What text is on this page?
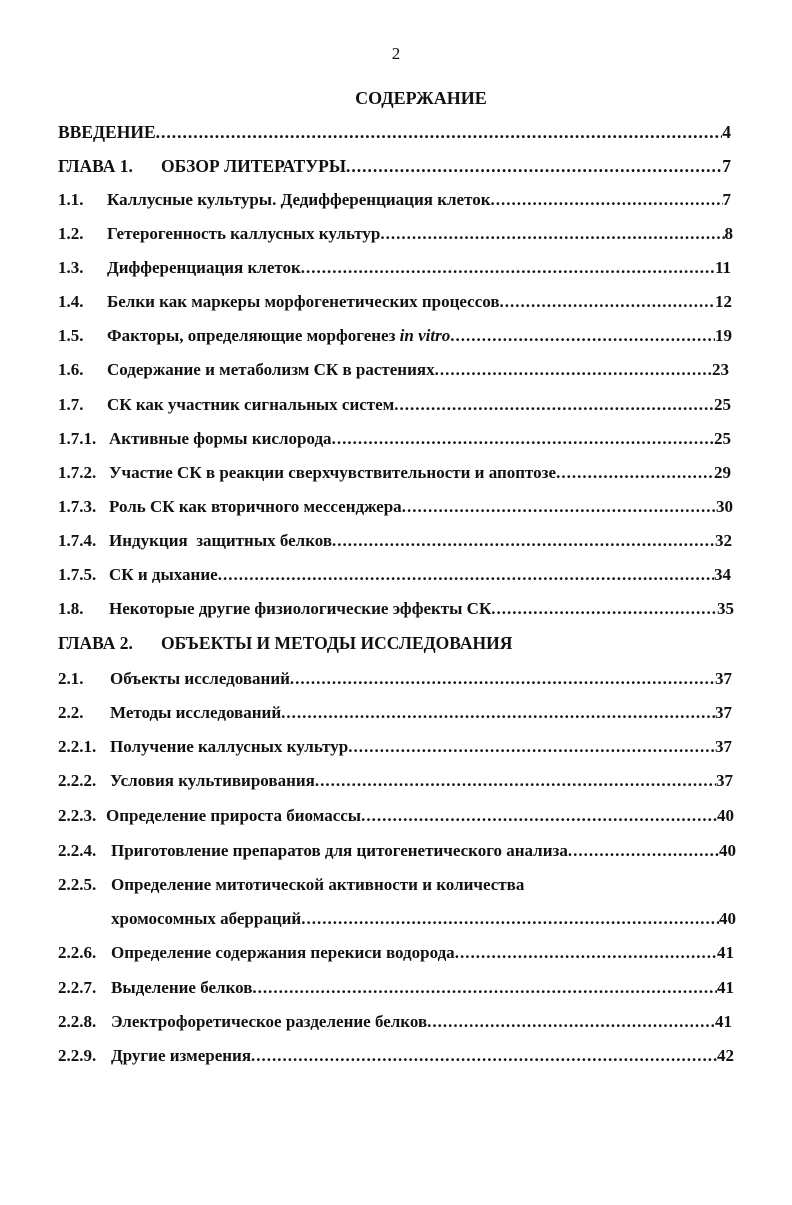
2
СОДЕРЖАНИЕ
ВВЕДЕНИЕ .....	4
ГЛАВА 1.	ОБЗОР ЛИТЕРАТУРЫ .....	7
1.1.	Каллусные культуры. Дедифференциация клеток .....	7
1.2.	Гетерогенность каллусных культур .....	8
1.3.	Дифференциация клеток .....	11
1.4.	Белки как маркеры морфогенетических процессов .....	12
1.5.	Факторы, определяющие морфогенез in vitro .....	19
1.6.	Содержание и метаболизм СК в растениях .....	23
1.7.	СК как участник сигнальных систем .....	25
1.7.1. Активные формы кислорода .....	25
1.7.2. Участие СК в реакции сверхчувствительности и апоптозе .....	29
1.7.3. Роль СК как вторичного мессенджера .....	30
1.7.4. Индукция  защитных белков .....	32
1.7.5. СК и дыхание .....	34
1.8.	Некоторые другие физиологические эффекты СК .....	35
ГЛАВА 2.	ОБЪЕКТЫ И МЕТОДЫ ИССЛЕДОВАНИЯ
2.1.	Объекты исследований .....	37
2.2.	Методы исследований .....	37
2.2.1. Получение каллусных культур .....	37
2.2.2. Условия культивирования .....	37
2.2.3. Определение прироста биомассы .....	40
2.2.4. Приготовление препаратов для цитогенетического анализа .....	40
2.2.5. Определение митотической активности и количества
хромосомных аберраций .....	40
2.2.6. Определение содержания перекиси водорода .....	41
2.2.7. Выделение белков .....	41
2.2.8. Электрофоретическое разделение белков .....	41
2.2.9. Другие измерения .....	42
